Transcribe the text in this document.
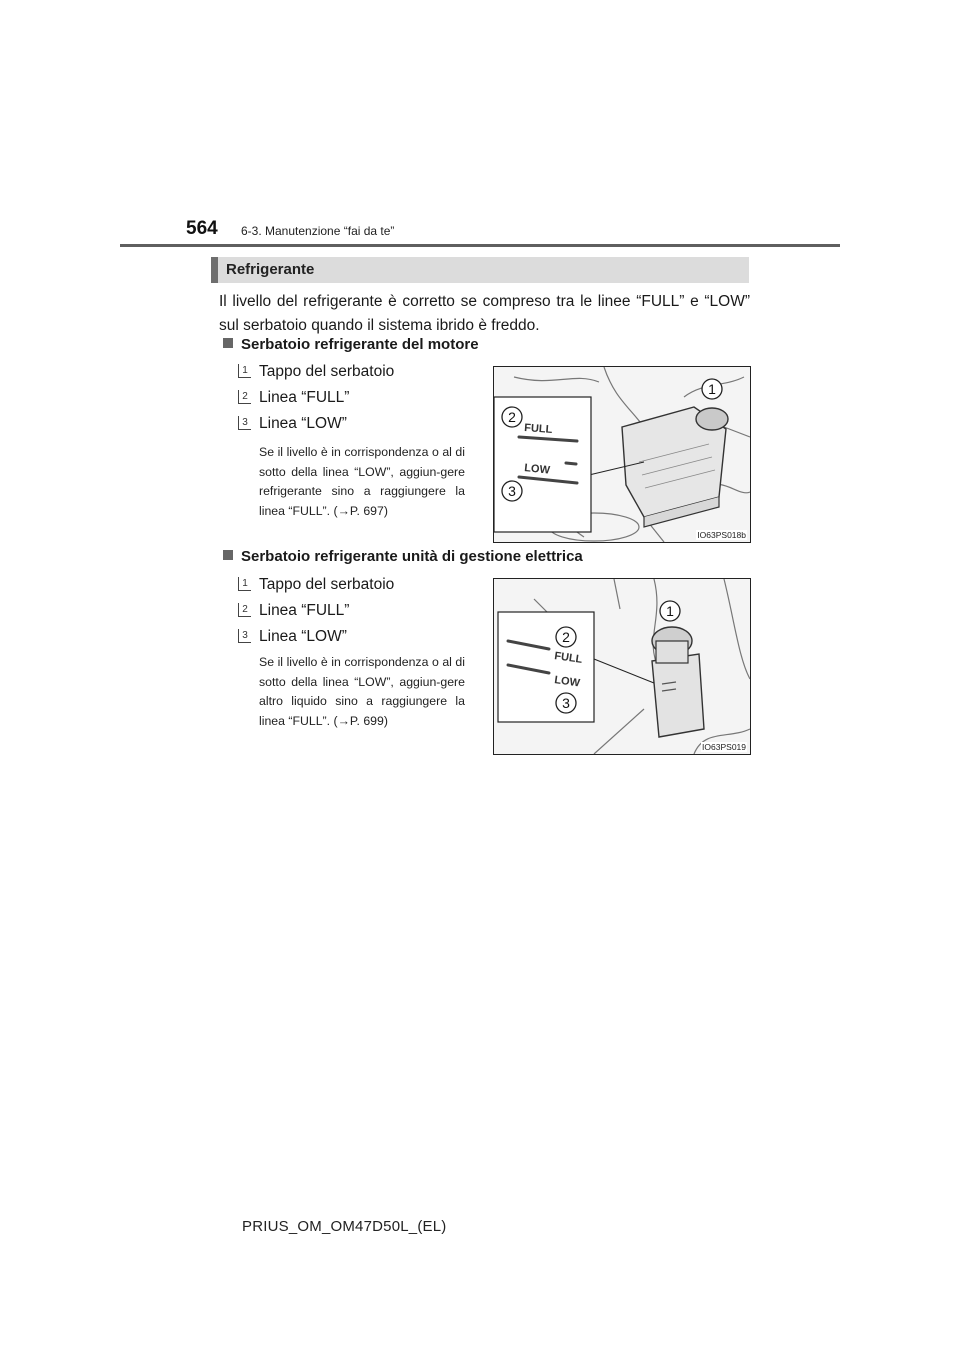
564 6-3. Manutenzione “fai da te”
Refrigerante
Il livello del refrigerante è corretto se compreso tra le linee “FULL” e “LOW” sul serbatoio quando il sistema ibrido è freddo.
Serbatoio refrigerante del motore
1 Tappo del serbatoio
2 Linea “FULL”
3 Linea “LOW”
Se il livello è in corrispondenza o al di sotto della linea “LOW”, aggiun-gere refrigerante sino a raggiungere la linea “FULL”. (→P. 697)
FULL
LOW
1
2
3
IO63PS018b
Serbatoio refrigerante unità di gestione elettrica
1 Tappo del serbatoio
2 Linea “FULL”
3 Linea “LOW”
Se il livello è in corrispondenza o al di sotto della linea “LOW”, aggiun-gere altro liquido sino a raggiungere la linea “FULL”. (→P. 699)
FULL
LOW
1
2
3
IO63PS019
PRIUS_OM_OM47D50L_(EL)
